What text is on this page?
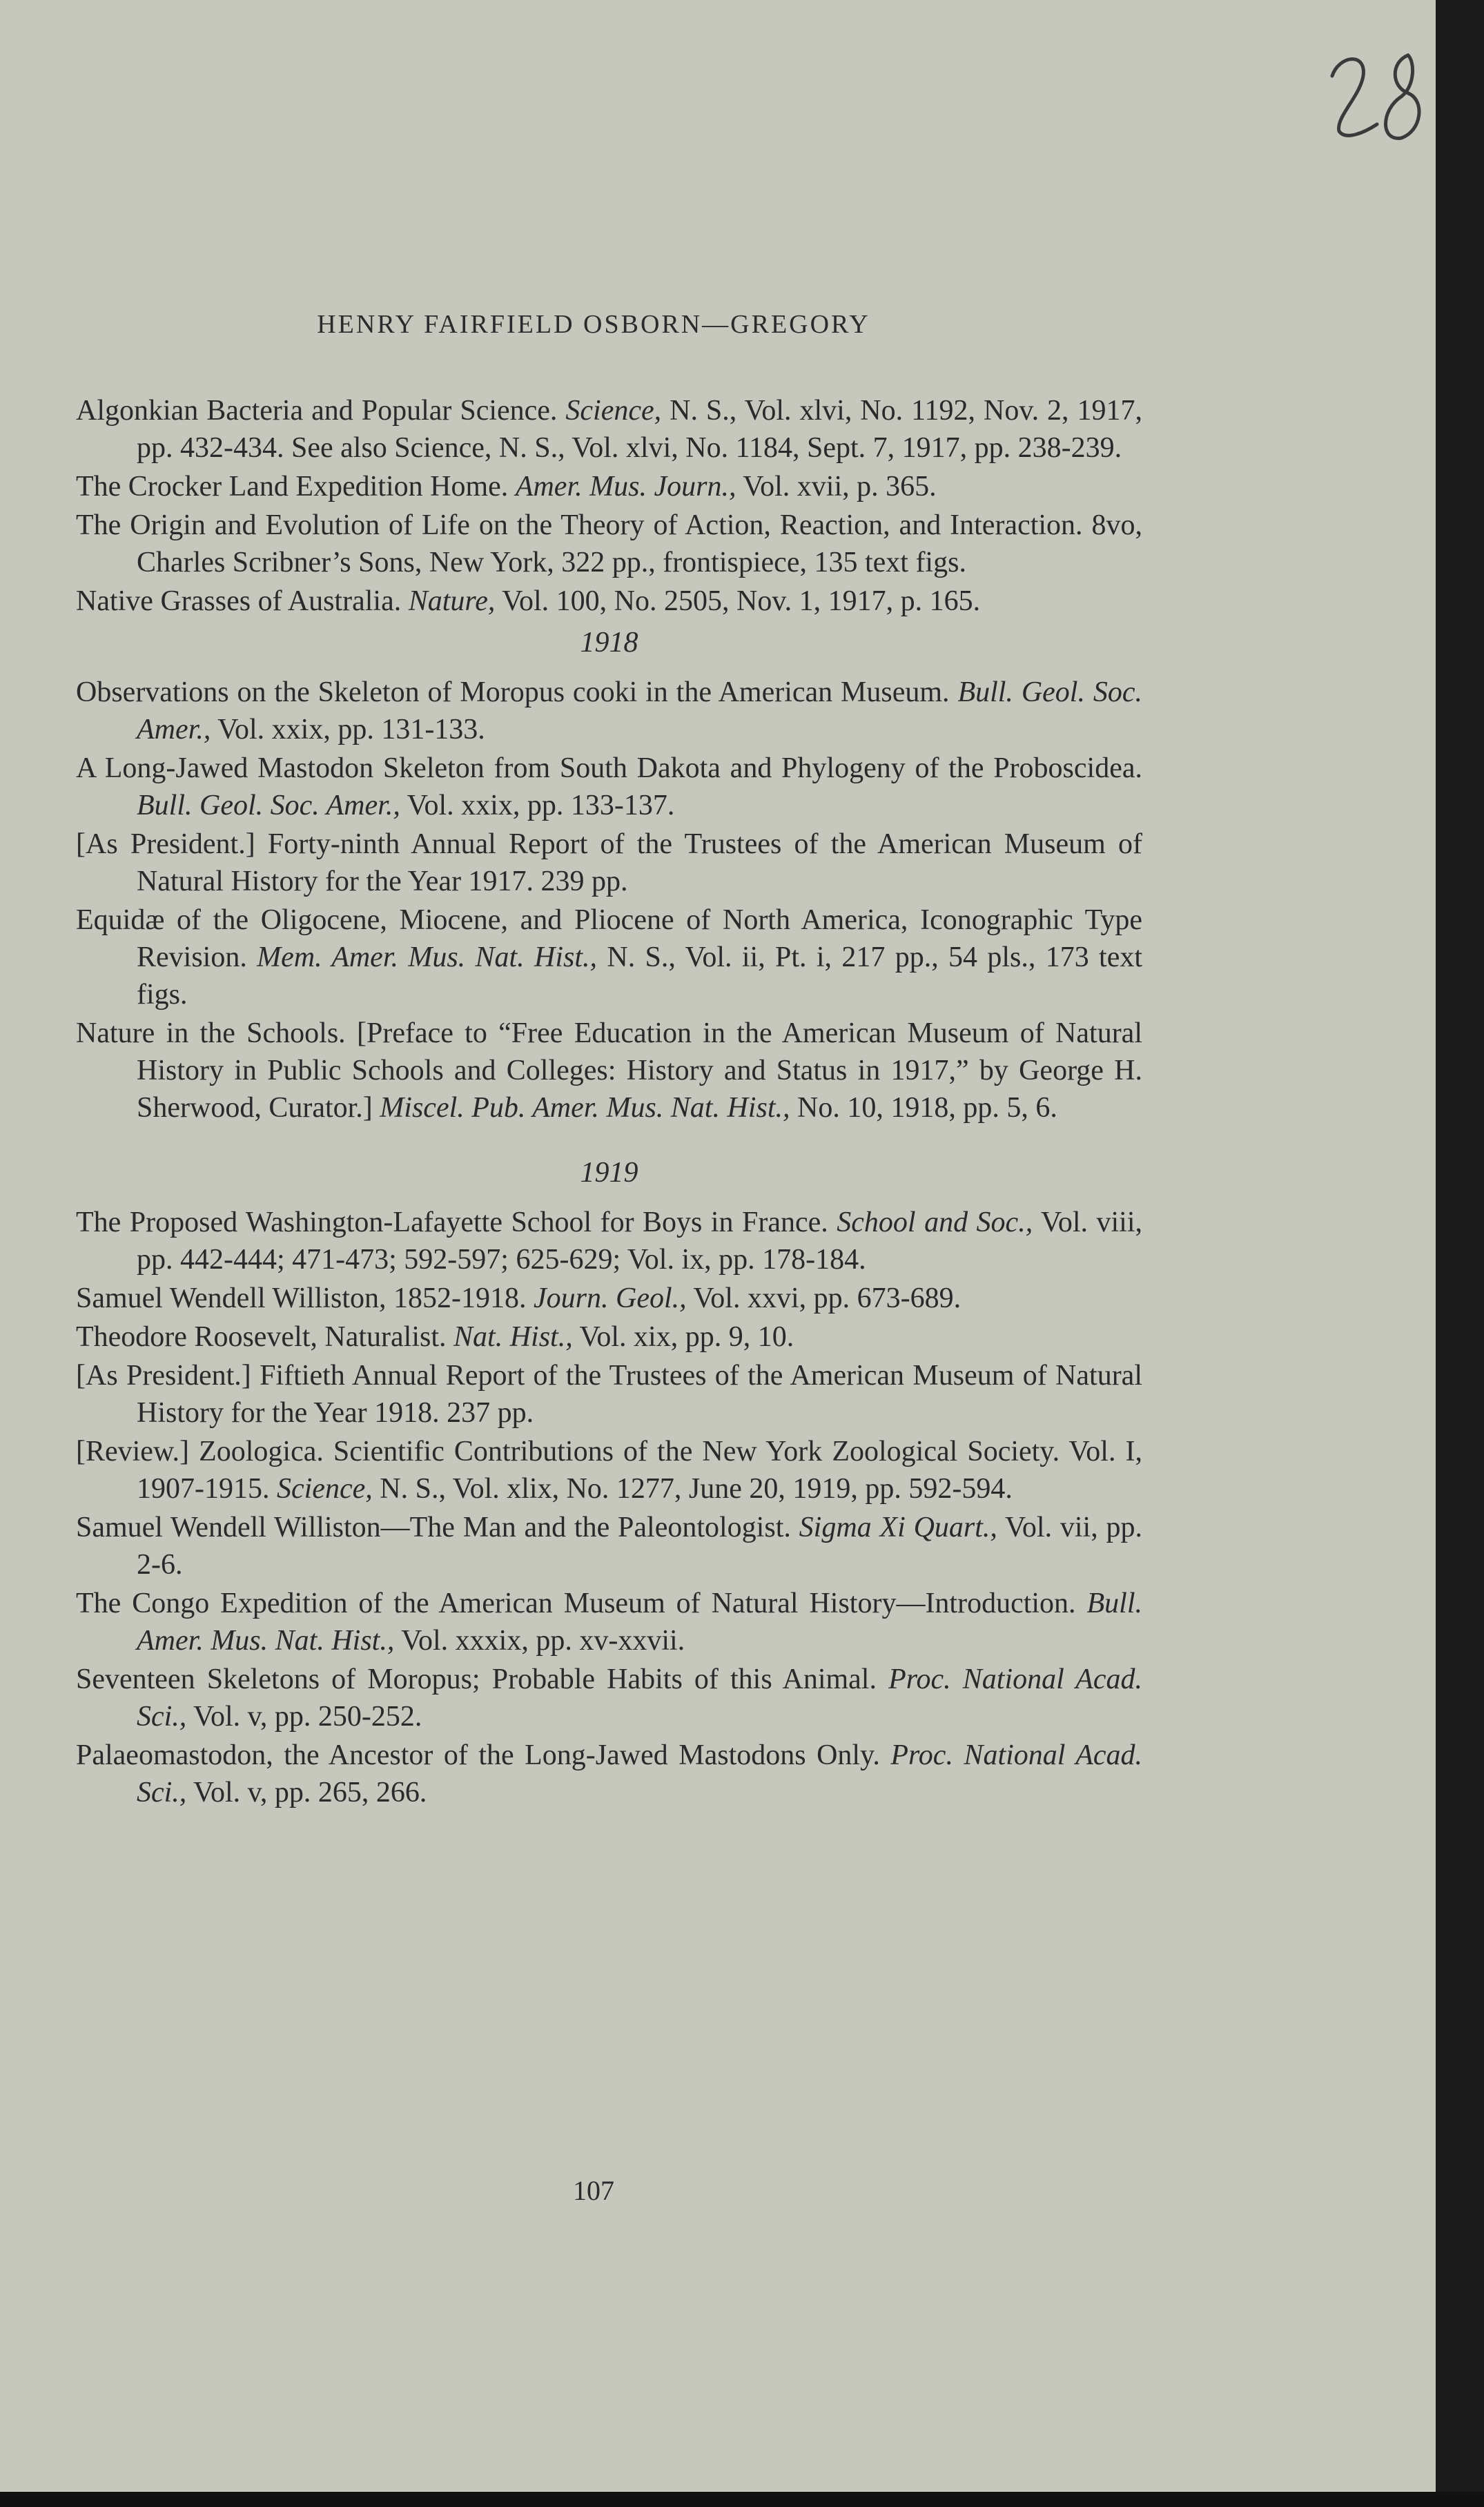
HENRY FAIRFIELD OSBORN—GREGORY

Algonkian Bacteria and Popular Science. Science, N. S., Vol. xlvi, No. 1192, Nov. 2, 1917, pp. 432-434. See also Science, N. S., Vol. xlvi, No. 1184, Sept. 7, 1917, pp. 238-239.

The Crocker Land Expedition Home. Amer. Mus. Journ., Vol. xvii, p. 365.

The Origin and Evolution of Life on the Theory of Action, Reaction, and Interaction. 8vo, Charles Scribner’s Sons, New York, 322 pp., frontispiece, 135 text figs.

Native Grasses of Australia. Nature, Vol. 100, No. 2505, Nov. 1, 1917, p. 165.

1918

Observations on the Skeleton of Moropus cooki in the American Museum. Bull. Geol. Soc. Amer., Vol. xxix, pp. 131-133.

A Long-Jawed Mastodon Skeleton from South Dakota and Phylogeny of the Proboscidea. Bull. Geol. Soc. Amer., Vol. xxix, pp. 133-137.

[As President.] Forty-ninth Annual Report of the Trustees of the American Museum of Natural History for the Year 1917. 239 pp.

Equidæ of the Oligocene, Miocene, and Pliocene of North America, Iconographic Type Revision. Mem. Amer. Mus. Nat. Hist., N. S., Vol. ii, Pt. i, 217 pp., 54 pls., 173 text figs.

Nature in the Schools. [Preface to “Free Education in the American Museum of Natural History in Public Schools and Colleges: History and Status in 1917,” by George H. Sherwood, Curator.] Miscel. Pub. Amer. Mus. Nat. Hist., No. 10, 1918, pp. 5, 6.

1919

The Proposed Washington-Lafayette School for Boys in France. School and Soc., Vol. viii, pp. 442-444; 471-473; 592-597; 625-629; Vol. ix, pp. 178-184.

Samuel Wendell Williston, 1852-1918. Journ. Geol., Vol. xxvi, pp. 673-689.

Theodore Roosevelt, Naturalist. Nat. Hist., Vol. xix, pp. 9, 10.

[As President.] Fiftieth Annual Report of the Trustees of the American Museum of Natural History for the Year 1918. 237 pp.

[Review.] Zoologica. Scientific Contributions of the New York Zoological Society. Vol. I, 1907-1915. Science, N. S., Vol. xlix, No. 1277, June 20, 1919, pp. 592-594.

Samuel Wendell Williston—The Man and the Paleontologist. Sigma Xi Quart., Vol. vii, pp. 2-6.

The Congo Expedition of the American Museum of Natural History—Introduction. Bull. Amer. Mus. Nat. Hist., Vol. xxxix, pp. xv-xxvii.

Seventeen Skeletons of Moropus; Probable Habits of this Animal. Proc. National Acad. Sci., Vol. v, pp. 250-252.

Palaeomastodon, the Ancestor of the Long-Jawed Mastodons Only. Proc. National Acad. Sci., Vol. v, pp. 265, 266.

107
